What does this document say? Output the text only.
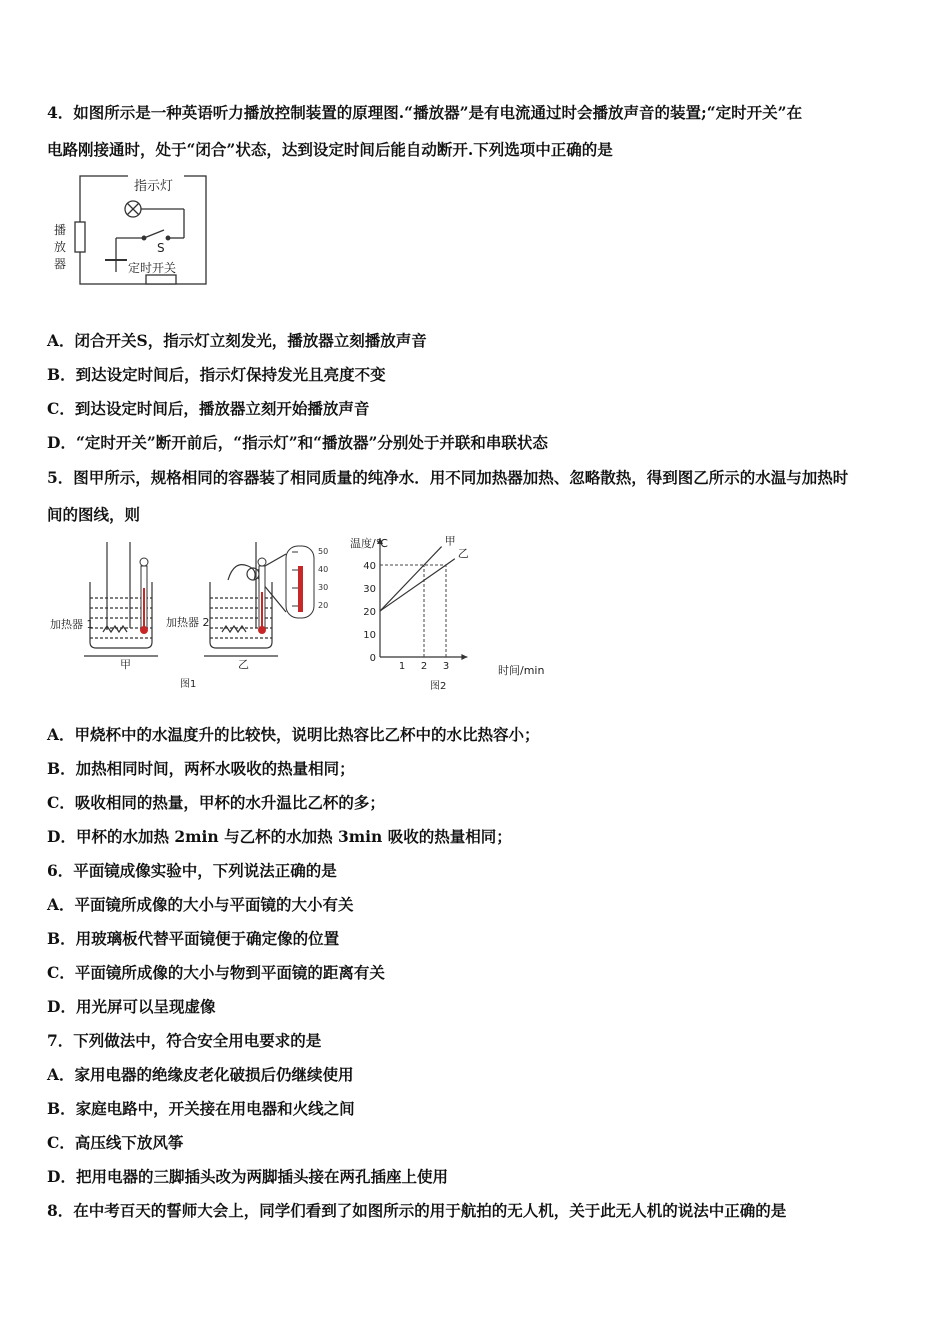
4．如图所示是一种英语听力播放控制装置的原理图.“播放器”是有电流通过时会播放声音的装置;“定时开关”在
电路刚接通时，处于“闭合”状态，达到设定时间后能自动断开.下列选项中正确的是
指示灯
S
定时开关
播
放
器
A．闭合开关S，指示灯立刻发光，播放器立刻播放声音
B．到达设定时间后，指示灯保持发光且亮度不变
C．到达设定时间后，播放器立刻开始播放声音
D．“定时开关”断开前后，“指示灯”和“播放器”分别处于并联和串联状态
5．图甲所示，规格相同的容器装了相同质量的纯净水．用不同加热器加热、忽略散热，得到图乙所示的水温与加热时
间的图线，则
50
40
30
20
加热器 1	加热器 2
甲	乙
图1
0
10
20
30
40
1 2 3
甲
乙
温度/℃
时间/min
图2
A．甲烧杯中的水温度升的比较快，说明比热容比乙杯中的水比热容小；
B．加热相同时间，两杯水吸收的热量相同；
C．吸收相同的热量，甲杯的水升温比乙杯的多；
D．甲杯的水加热 2min 与乙杯的水加热 3min 吸收的热量相同；
6．平面镜成像实验中，下列说法正确的是
A．平面镜所成像的大小与平面镜的大小有关
B．用玻璃板代替平面镜便于确定像的位置
C．平面镜所成像的大小与物到平面镜的距离有关
D．用光屏可以呈现虚像
7．下列做法中，符合安全用电要求的是
A．家用电器的绝缘皮老化破损后仍继续使用
B．家庭电路中，开关接在用电器和火线之间
C．高压线下放风筝
D．把用电器的三脚插头改为两脚插头接在两孔插座上使用
8．在中考百天的誓师大会上，同学们看到了如图所示的用于航拍的无人机，关于此无人机的说法中正确的是
